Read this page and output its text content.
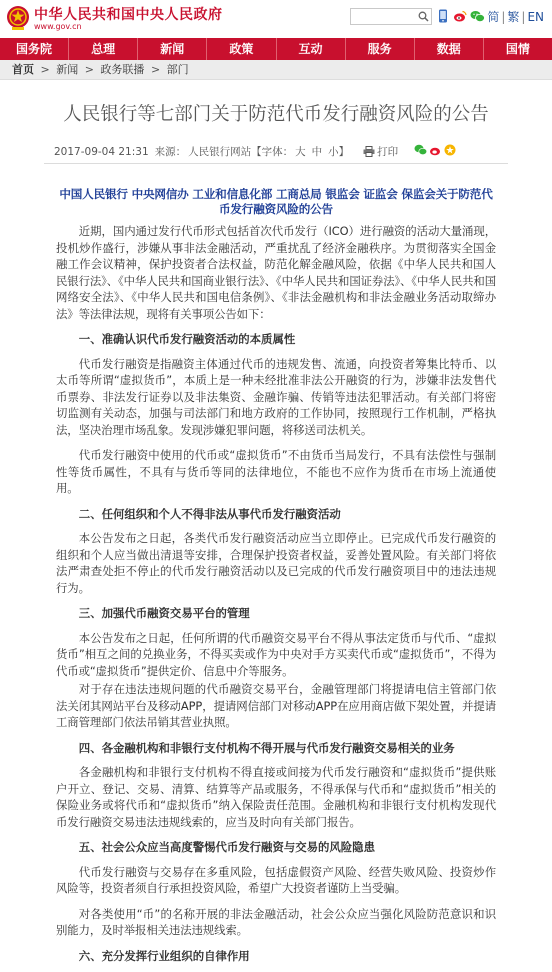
中华人民共和国中央人民政府
www.gov.cn
简 | 繁 | EN
国务院	总理	新闻	政策	互动	服务	数据	国情
首页 > 新闻 > 政务联播 > 部门
人民银行等七部门关于防范代币发行融资风险的公告
2017-09-04 21:31 来源： 人民银行网站 【字体： 大 中 小 】	打印
中国人民银行 中央网信办 工业和信息化部 工商总局 银监会 证监会 保监会关于防范代币发行融资风险的公告
近期，国内通过发行代币形式包括首次代币发行（ICO）进行融资的活动大量涌现，投机炒作盛行，涉嫌从事非法金融活动，严重扰乱了经济金融秩序。为贯彻落实全国金融工作会议精神，保护投资者合法权益，防范化解金融风险，依据《中华人民共和国人民银行法》、《中华人民共和国商业银行法》、《中华人民共和国证券法》、《中华人民共和国网络安全法》、《中华人民共和国电信条例》、《非法金融机构和非法金融业务活动取缔办法》等法律法规，现将有关事项公告如下：
一、准确认识代币发行融资活动的本质属性
代币发行融资是指融资主体通过代币的违规发售、流通，向投资者筹集比特币、以太币等所谓“虚拟货币”，本质上是一种未经批准非法公开融资的行为，涉嫌非法发售代币票券、非法发行证券以及非法集资、金融诈骗、传销等违法犯罪活动。有关部门将密切监测有关动态，加强与司法部门和地方政府的工作协同，按照现行工作机制，严格执法，坚决治理市场乱象。发现涉嫌犯罪问题，将移送司法机关。
代币发行融资中使用的代币或“虚拟货币”不由货币当局发行，不具有法偿性与强制性等货币属性，不具有与货币等同的法律地位，不能也不应作为货币在市场上流通使用。
二、任何组织和个人不得非法从事代币发行融资活动
本公告发布之日起，各类代币发行融资活动应当立即停止。已完成代币发行融资的组织和个人应当做出清退等安排，合理保护投资者权益，妥善处置风险。有关部门将依法严肃查处拒不停止的代币发行融资活动以及已完成的代币发行融资项目中的违法违规行为。
三、加强代币融资交易平台的管理
本公告发布之日起，任何所谓的代币融资交易平台不得从事法定货币与代币、“虚拟货币”相互之间的兑换业务，不得买卖或作为中央对手方买卖代币或“虚拟货币”，不得为代币或“虚拟货币”提供定价、信息中介等服务。
对于存在违法违规问题的代币融资交易平台，金融管理部门将提请电信主管部门依法关闭其网站平台及移动APP，提请网信部门对移动APP在应用商店做下架处置，并提请工商管理部门依法吊销其营业执照。
四、各金融机构和非银行支付机构不得开展与代币发行融资交易相关的业务
各金融机构和非银行支付机构不得直接或间接为代币发行融资和“虚拟货币”提供账户开立、登记、交易、清算、结算等产品或服务，不得承保与代币和“虚拟货币”相关的保险业务或将代币和“虚拟货币”纳入保险责任范围。金融机构和非银行支付机构发现代币发行融资交易违法违规线索的，应当及时向有关部门报告。
五、社会公众应当高度警惕代币发行融资与交易的风险隐患
代币发行融资与交易存在多重风险，包括虚假资产风险、经营失败风险、投资炒作风险等，投资者须自行承担投资风险，希望广大投资者谨防上当受骗。
对各类使用“币”的名称开展的非法金融活动，社会公众应当强化风险防范意识和识别能力，及时举报相关违法违规线索。
六、充分发挥行业组织的自律作用
